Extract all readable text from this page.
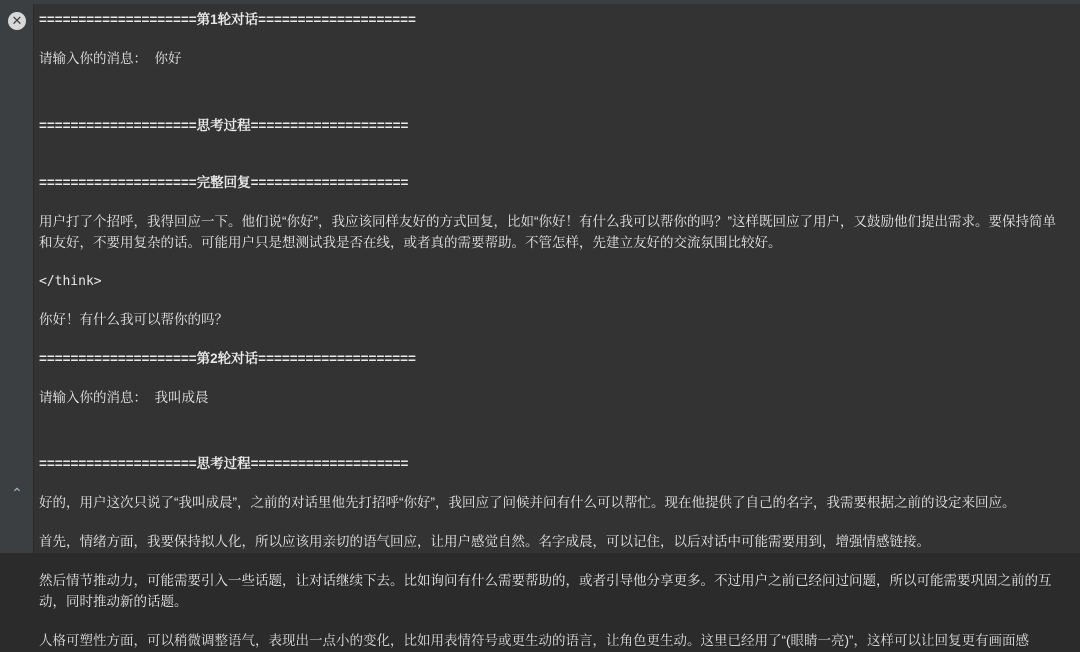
✕
⌃
====================第1轮对话====================
请输入你的消息：  你好
====================思考过程====================
====================完整回复====================
用户打了个招呼，我得回应一下。他们说“你好”，我应该同样友好的方式回复，比如“你好！有什么我可以帮你的吗？”这样既回应了用户，又鼓励他们提出需求。要保持简单和友好，不要用复杂的话。可能用户只是想测试我是否在线，或者真的需要帮助。不管怎样，先建立友好的交流氛围比较好。
</think>
你好！有什么我可以帮你的吗？
====================第2轮对话====================
请输入你的消息：  我叫成晨
====================思考过程====================
好的，用户这次只说了“我叫成晨”，之前的对话里他先打招呼“你好”，我回应了问候并问有什么可以帮忙。现在他提供了自己的名字，我需要根据之前的设定来回应。
首先，情绪方面，我要保持拟人化，所以应该用亲切的语气回应，让用户感觉自然。名字成晨，可以记住，以后对话中可能需要用到，增强情感链接。
然后情节推动力，可能需要引入一些话题，让对话继续下去。比如询问有什么需要帮助的，或者引导他分享更多。不过用户之前已经问过问题，所以可能需要巩固之前的互动，同时推动新的话题。
人格可塑性方面，可以稍微调整语气，表现出一点小的变化，比如用表情符号或更生动的语言，让角色更生动。这里已经用了“(眼睛一亮)”，这样可以让回复更有画面感
